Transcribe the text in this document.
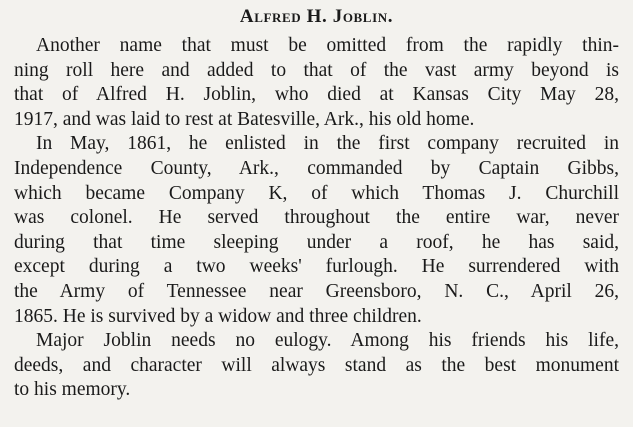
Alfred H. Joblin.

Another name that must be omitted from the rapidly thin-
ning roll here and added to that of the vast army beyond is
that of Alfred H. Joblin, who died at Kansas City May 28,
1917, and was laid to rest at Batesville, Ark., his old home.

In May, 1861, he enlisted in the first company recruited in
Independence County, Ark., commanded by Captain Gibbs,
which became Company K, of which Thomas J. Churchill
was colonel. He served throughout the entire war, never
during that time sleeping under a roof, he has said,
except during a two weeks' furlough. He surrendered with
the Army of Tennessee near Greensboro, N. C., April 26,
1865. He is survived by a widow and three children.

Major Joblin needs no eulogy. Among his friends his life,
deeds, and character will always stand as the best monument
to his memory.
